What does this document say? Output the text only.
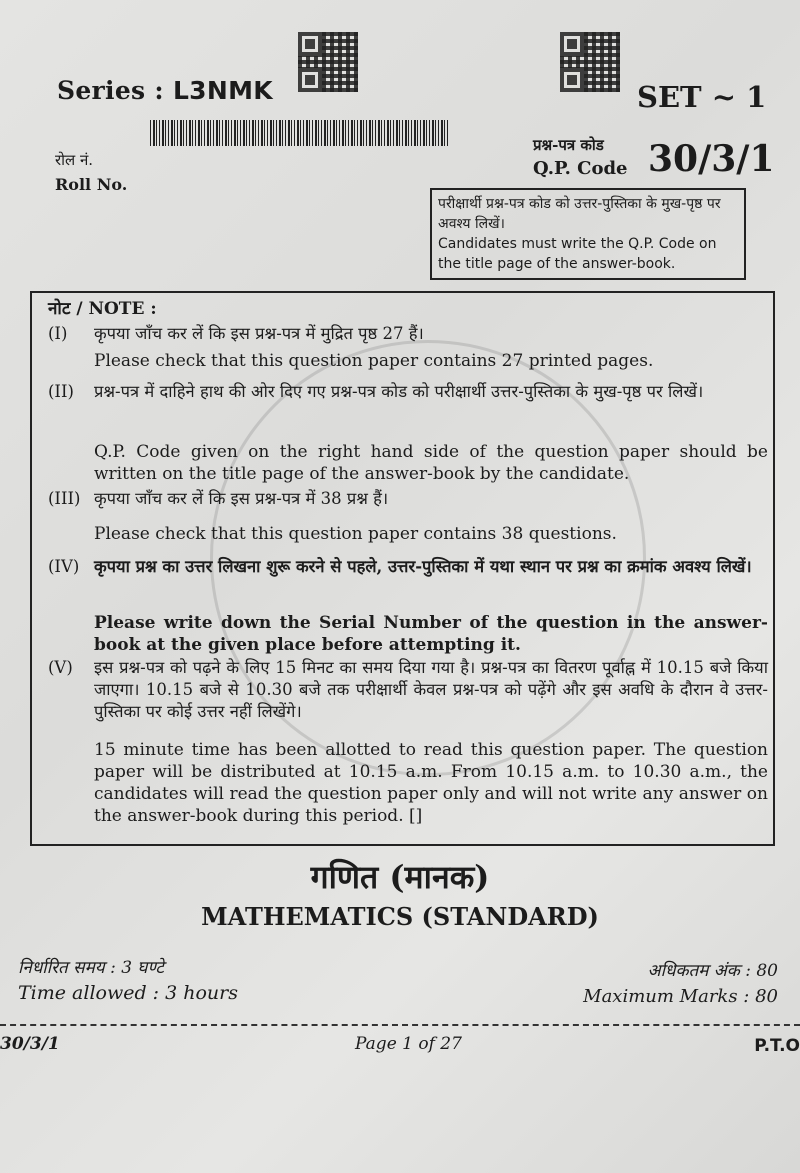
Series : L3NMK	SET ~ 1
रोल नं.
Roll No.
प्रश्न-पत्र कोड
Q.P. Code 30/3/1
परीक्षार्थी प्रश्न-पत्र कोड को उत्तर-पुस्तिका के मुख-पृष्ठ पर अवश्य लिखें।
Candidates must write the Q.P. Code on the title page of the answer-book.
नोट / NOTE :
(I) कृपया जाँच कर लें कि इस प्रश्न-पत्र में मुद्रित पृष्ठ 27 हैं।
Please check that this question paper contains 27 printed pages.
(II) प्रश्न-पत्र में दाहिने हाथ की ओर दिए गए प्रश्न-पत्र कोड को परीक्षार्थी उत्तर-पुस्तिका के मुख-पृष्ठ पर लिखें।
Q.P. Code given on the right hand side of the question paper should be written on the title page of the answer-book by the candidate.
(III) कृपया जाँच कर लें कि इस प्रश्न-पत्र में 38 प्रश्न हैं।
Please check that this question paper contains 38 questions.
(IV) कृपया प्रश्न का उत्तर लिखना शुरू करने से पहले, उत्तर-पुस्तिका में यथा स्थान पर प्रश्न का क्रमांक अवश्य लिखें।
Please write down the Serial Number of the question in the answer-book at the given place before attempting it.
(V) इस प्रश्न-पत्र को पढ़ने के लिए 15 मिनट का समय दिया गया है। प्रश्न-पत्र का वितरण पूर्वाह्न में 10.15 बजे किया जाएगा। 10.15 बजे से 10.30 बजे तक परीक्षार्थी केवल प्रश्न-पत्र को पढ़ेंगे और इस अवधि के दौरान वे उत्तर-पुस्तिका पर कोई उत्तर नहीं लिखेंगे।
15 minute time has been allotted to read this question paper. The question paper will be distributed at 10.15 a.m. From 10.15 a.m. to 10.30 a.m., the candidates will read the question paper only and will not write any answer on the answer-book during this period. []
गणित (मानक)
MATHEMATICS (STANDARD)
निर्धारित समय : 3 घण्टे
Time allowed : 3 hours
अधिकतम अंक : 80
Maximum Marks : 80
30/3/1	Page 1 of 27	P.T.O
